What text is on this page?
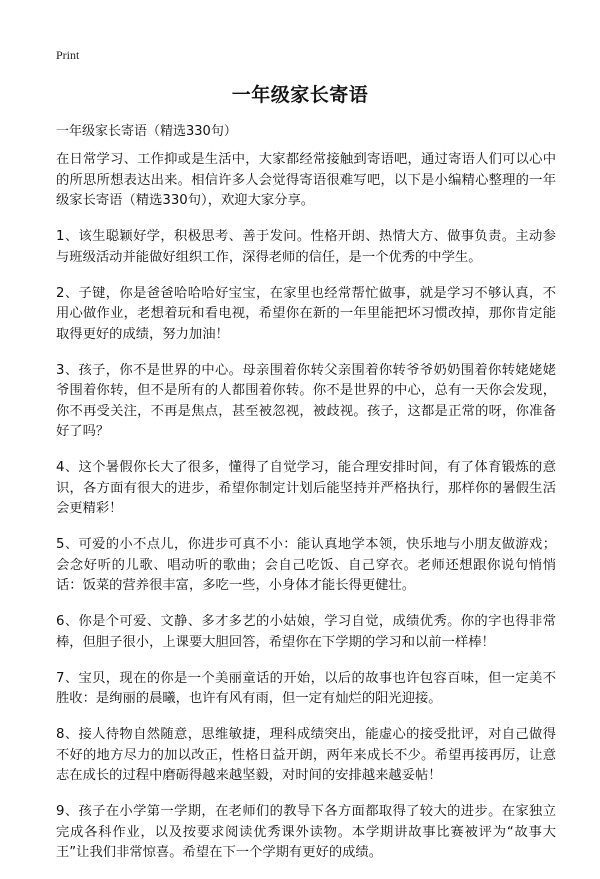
Print
一年级家长寄语
一年级家长寄语（精选330句）

在日常学习、工作抑或是生活中，大家都经常接触到寄语吧，通过寄语人们可以心中的所思所想表达出来。相信许多人会觉得寄语很难写吧，以下是小编精心整理的一年级家长寄语（精选330句），欢迎大家分享。

1、该生聪颖好学，积极思考、善于发问。性格开朗、热情大方、做事负责。主动参与班级活动并能做好组织工作，深得老师的信任，是一个优秀的中学生。

2、子键，你是爸爸哈哈哈好宝宝，在家里也经常帮忙做事，就是学习不够认真，不用心做作业，老想着玩和看电视，希望你在新的一年里能把坏习惯改掉，那你肯定能取得更好的成绩，努力加油！

3、孩子，你不是世界的中心。母亲围着你转父亲围着你转爷爷奶奶围着你转姥姥姥爷围着你转，但不是所有的人都围着你转。你不是世界的中心，总有一天你会发现，你不再受关注，不再是焦点，甚至被忽视，被歧视。孩子，这都是正常的呀，你准备好了吗？

4、这个暑假你长大了很多，懂得了自觉学习，能合理安排时间，有了体育锻炼的意识，各方面有很大的进步，希望你制定计划后能坚持并严格执行，那样你的暑假生活会更精彩！

5、可爱的小不点儿，你进步可真不小：能认真地学本领，快乐地与小朋友做游戏；会念好听的儿歌、唱动听的歌曲；会自己吃饭、自己穿衣。老师还想跟你说句悄悄话：饭菜的营养很丰富，多吃一些，小身体才能长得更健壮。

6、你是个可爱、文静、多才多艺的小姑娘，学习自觉，成绩优秀。你的字也得非常棒，但胆子很小，上课要大胆回答，希望你在下学期的学习和以前一样棒！

7、宝贝，现在的你是一个美丽童话的开始，以后的故事也许包容百味，但一定美不胜收：是绚丽的晨曦，也许有风有雨，但一定有灿烂的阳光迎接。

8、接人待物自然随意，思维敏捷，理科成绩突出，能虚心的接受批评，对自己做得不好的地方尽力的加以改正，性格日益开朗，两年来成长不少。希望再接再厉，让意志在成长的过程中磨砺得越来越坚毅，对时间的安排越来越妥帖！

9、孩子在小学第一学期，在老师们的教导下各方面都取得了较大的进步。在家独立完成各科作业，以及按要求阅读优秀课外读物。本学期讲故事比赛被评为“故事大王”让我们非常惊喜。希望在下一个学期有更好的成绩。
